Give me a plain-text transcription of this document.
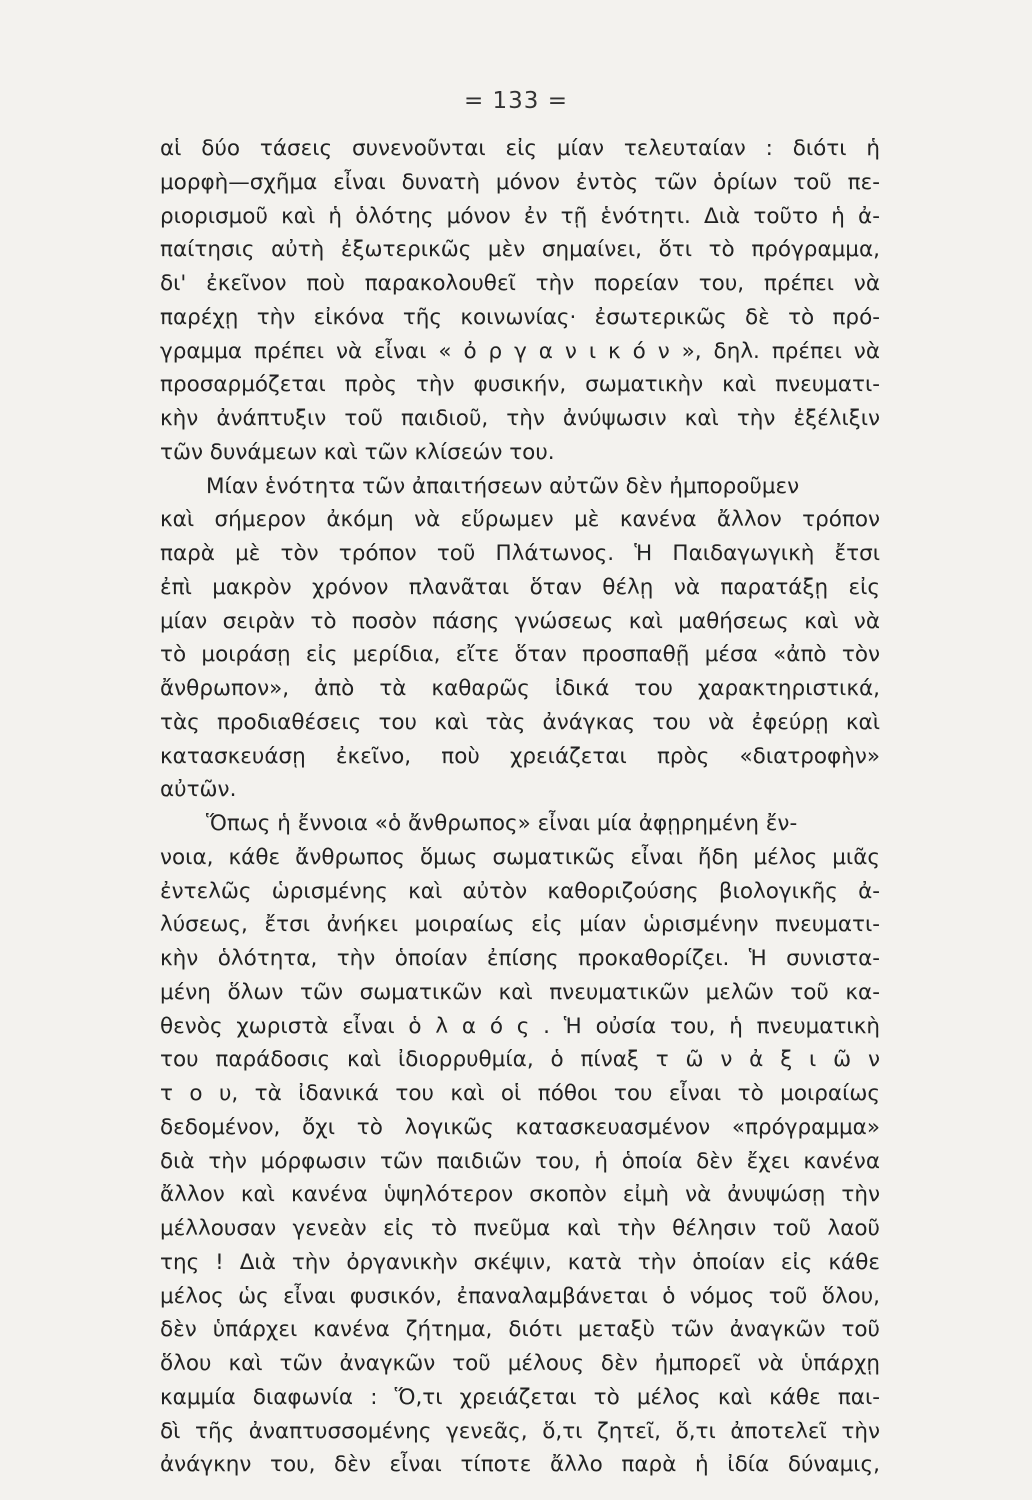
= 133 =
αἱ δύο τάσεις συνενοῦνται εἰς μίαν τελευταίαν : διότι ἡ
μορφὴ—σχῆμα εἶναι δυνατὴ μόνον ἐντὸς τῶν ὁρίων τοῦ πε-
ριορισμοῦ καὶ ἡ ὁλότης μόνον ἐν τῇ ἑνότητι. Διὰ τοῦτο ἡ ἀ-
παίτησις αὐτὴ ἐξωτερικῶς μὲν σημαίνει, ὅτι τὸ πρόγραμμα,
δι' ἐκεῖνον ποὺ παρακολουθεῖ τὴν πορείαν του, πρέπει νὰ
παρέχῃ τὴν εἰκόνα τῆς κοινωνίας· ἐσωτερικῶς δὲ τὸ πρό-
γραμμα πρέπει νὰ εἶναι « ὀ ρ γ α ν ι κ ό ν », δηλ. πρέπει νὰ
προσαρμόζεται πρὸς τὴν φυσικήν, σωματικὴν καὶ πνευματι-
κὴν ἀνάπτυξιν τοῦ παιδιοῦ, τὴν ἀνύψωσιν καὶ τὴν ἐξέλιξιν
τῶν δυνάμεων καὶ τῶν κλίσεών του.
Μίαν ἑνότητα τῶν ἀπαιτήσεων αὐτῶν δὲν ἠμποροῦμεν
καὶ σήμερον ἀκόμη νὰ εὕρωμεν μὲ κανένα ἄλλον τρόπον
παρὰ μὲ τὸν τρόπον τοῦ Πλάτωνος. Ἡ Παιδαγωγικὴ ἔτσι
ἐπὶ μακρὸν χρόνον πλανᾶται ὅταν θέλῃ νὰ παρατάξῃ εἰς
μίαν σειρὰν τὸ ποσὸν πάσης γνώσεως καὶ μαθήσεως καὶ νὰ
τὸ μοιράσῃ εἰς μερίδια, εἴτε ὅταν προσπαθῇ μέσα «ἀπὸ τὸν
ἄνθρωπον», ἀπὸ τὰ καθαρῶς ἰδικά του χαρακτηριστικά,
τὰς προδιαθέσεις του καὶ τὰς ἀνάγκας του νὰ ἐφεύρῃ καὶ
κατασκευάσῃ ἐκεῖνο, ποὺ χρειάζεται πρὸς «διατροφὴν»
αὐτῶν.
Ὅπως ἡ ἔννοια «ὁ ἄνθρωπος» εἶναι μία ἀφῃρημένη ἔν-
νοια, κάθε ἄνθρωπος ὅμως σωματικῶς εἶναι ἤδη μέλος μιᾶς
ἐντελῶς ὡρισμένης καὶ αὐτὸν καθοριζούσης βιολογικῆς ἀ-
λύσεως, ἔτσι ἀνήκει μοιραίως εἰς μίαν ὡρισμένην πνευματι-
κὴν ὁλότητα, τὴν ὁποίαν ἐπίσης προκαθορίζει. Ἡ συνιστα-
μένη ὅλων τῶν σωματικῶν καὶ πνευματικῶν μελῶν τοῦ κα-
θενὸς χωριστὰ εἶναι ὁ λ α ό ς . Ἡ οὐσία του, ἡ πνευματικὴ
του παράδοσις καὶ ἰδιορρυθμία, ὁ πίναξ τ ῶ ν ἀ ξ ι ῶ ν
τ ο υ, τὰ ἰδανικά του καὶ οἱ πόθοι του εἶναι τὸ μοιραίως
δεδομένον, ὄχι τὸ λογικῶς κατασκευασμένον «πρόγραμμα»
διὰ τὴν μόρφωσιν τῶν παιδιῶν του, ἡ ὁποία δὲν ἔχει κανένα
ἄλλον καὶ κανένα ὑψηλότερον σκοπὸν εἰμὴ νὰ ἀνυψώσῃ τὴν
μέλλουσαν γενεὰν εἰς τὸ πνεῦμα καὶ τὴν θέλησιν τοῦ λαοῦ
της ! Διὰ τὴν ὀργανικὴν σκέψιν, κατὰ τὴν ὁποίαν εἰς κάθε
μέλος ὡς εἶναι φυσικόν, ἐπαναλαμβάνεται ὁ νόμος τοῦ ὅλου,
δὲν ὑπάρχει κανένα ζήτημα, διότι μεταξὺ τῶν ἀναγκῶν τοῦ
ὅλου καὶ τῶν ἀναγκῶν τοῦ μέλους δὲν ἠμπορεῖ νὰ ὑπάρχῃ
καμμία διαφωνία : Ὅ,τι χρειάζεται τὸ μέλος καὶ κάθε παι-
δὶ τῆς ἀναπτυσσομένης γενεᾶς, ὅ,τι ζητεῖ, ὅ,τι ἀποτελεῖ τὴν
ἀνάγκην του, δὲν εἶναι τίποτε ἄλλο παρὰ ἡ ἰδία δύναμις,
